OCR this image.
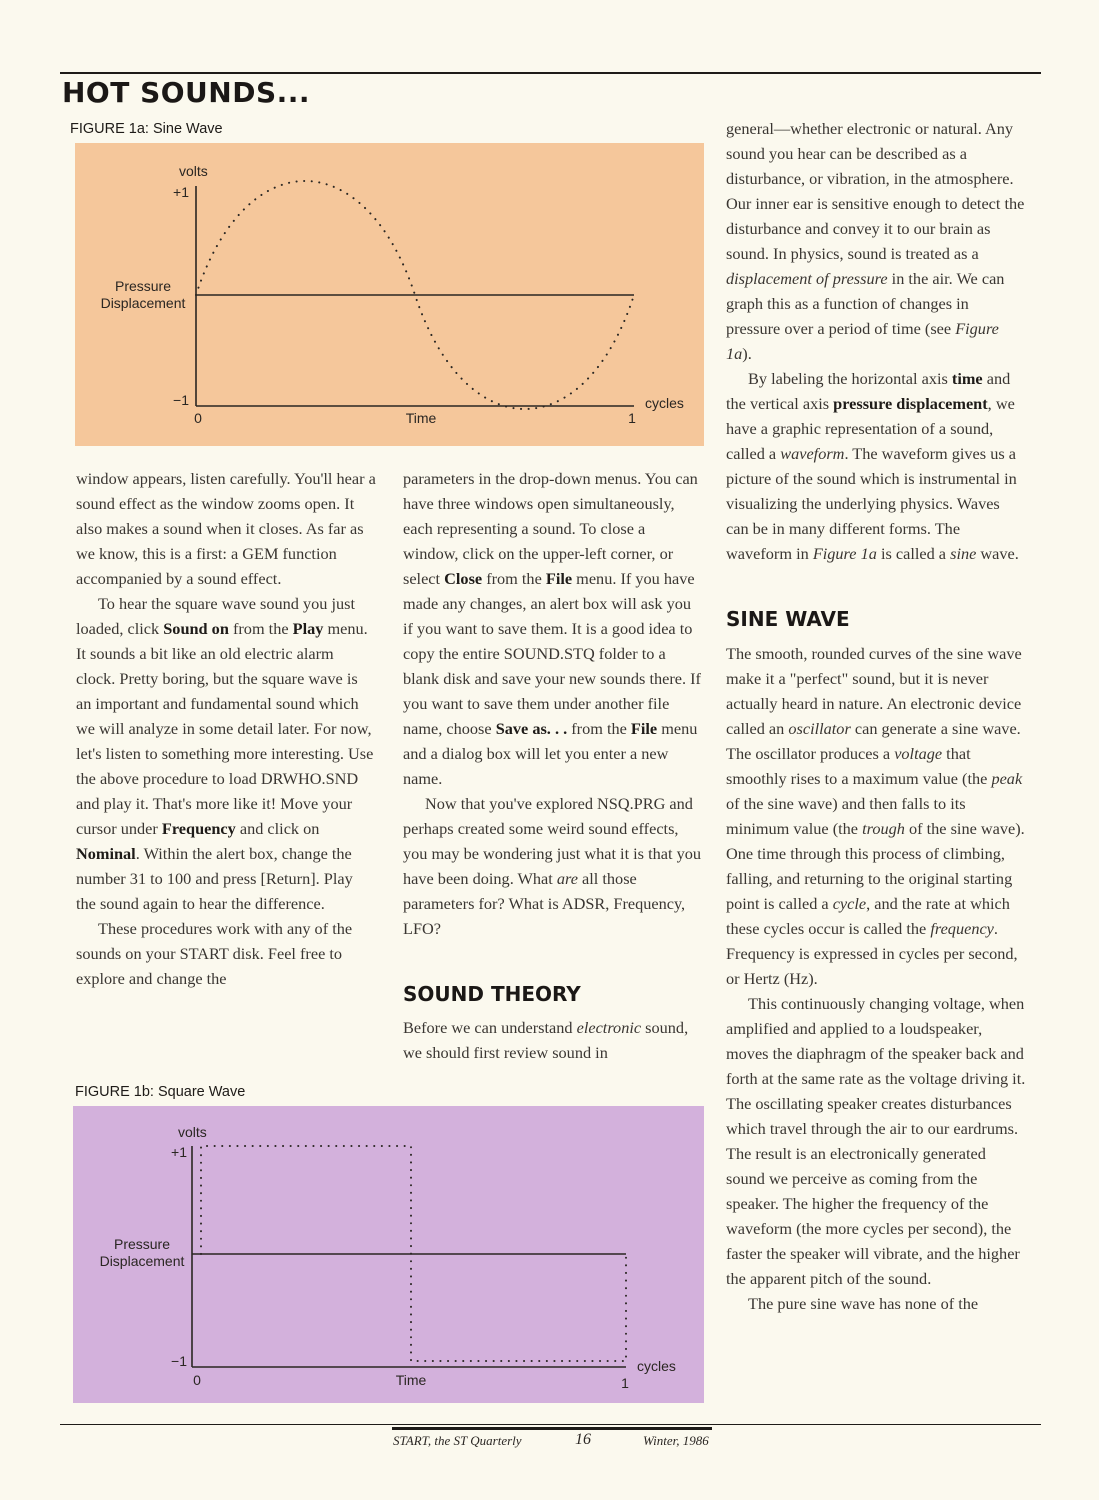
HOT SOUNDS...
FIGURE 1a: Sine Wave
volts
+1
−1
Pressure
Displacement
0	Time	1
cycles

window appears, listen carefully. You'll hear a sound effect as the window zooms open. It also makes a sound when it closes. As far as we know, this is a first: a GEM function accompanied by a sound effect.

To hear the square wave sound you just loaded, click Sound on from the Play menu. It sounds a bit like an old electric alarm clock. Pretty boring, but the square wave is an important and fundamental sound which we will analyze in some detail later. For now, let's listen to something more interesting. Use the above procedure to load DRWHO.SND and play it. That's more like it! Move your cursor under Frequency and click on Nominal. Within the alert box, change the number 31 to 100 and press [Return]. Play the sound again to hear the difference.

These procedures work with any of the sounds on your START disk. Feel free to explore and change the

FIGURE 1b: Square Wave
volts
+1
−1
Pressure
Displacement
0	Time	1
cycles

parameters in the drop-down menus. You can have three windows open simultaneously, each representing a sound. To close a window, click on the upper-left corner, or select Close from the File menu. If you have made any changes, an alert box will ask you if you want to save them. It is a good idea to copy the entire SOUND.STQ folder to a blank disk and save your new sounds there. If you want to save them under another file name, choose Save as. . . from the File menu and a dialog box will let you enter a new name.

Now that you've explored NSQ.PRG and perhaps created some weird sound effects, you may be wondering just what it is that you have been doing. What are all those parameters for? What is ADSR, Frequency, LFO?

SOUND THEORY

Before we can understand electronic sound, we should first review sound in

general—whether electronic or natural. Any sound you hear can be described as a disturbance, or vibration, in the atmosphere. Our inner ear is sensitive enough to detect the disturbance and convey it to our brain as sound. In physics, sound is treated as a displacement of pressure in the air. We can graph this as a function of changes in pressure over a period of time (see Figure 1a).

By labeling the horizontal axis time and the vertical axis pressure displacement, we have a graphic representation of a sound, called a waveform. The waveform gives us a picture of the sound which is instrumental in visualizing the underlying physics. Waves can be in many different forms. The waveform in Figure 1a is called a sine wave.

SINE WAVE

The smooth, rounded curves of the sine wave make it a "perfect" sound, but it is never actually heard in nature. An electronic device called an oscillator can generate a sine wave. The oscillator produces a voltage that smoothly rises to a maximum value (the peak of the sine wave) and then falls to its minimum value (the trough of the sine wave). One time through this process of climbing, falling, and returning to the original starting point is called a cycle, and the rate at which these cycles occur is called the frequency. Frequency is expressed in cycles per second, or Hertz (Hz).

This continuously changing voltage, when amplified and applied to a loudspeaker, moves the diaphragm of the speaker back and forth at the same rate as the voltage driving it. The oscillating speaker creates disturbances which travel through the air to our eardrums. The result is an electronically generated sound we perceive as coming from the speaker. The higher the frequency of the waveform (the more cycles per second), the faster the speaker will vibrate, and the higher the apparent pitch of the sound.

The pure sine wave has none of the

START, the ST Quarterly	16	Winter, 1986
